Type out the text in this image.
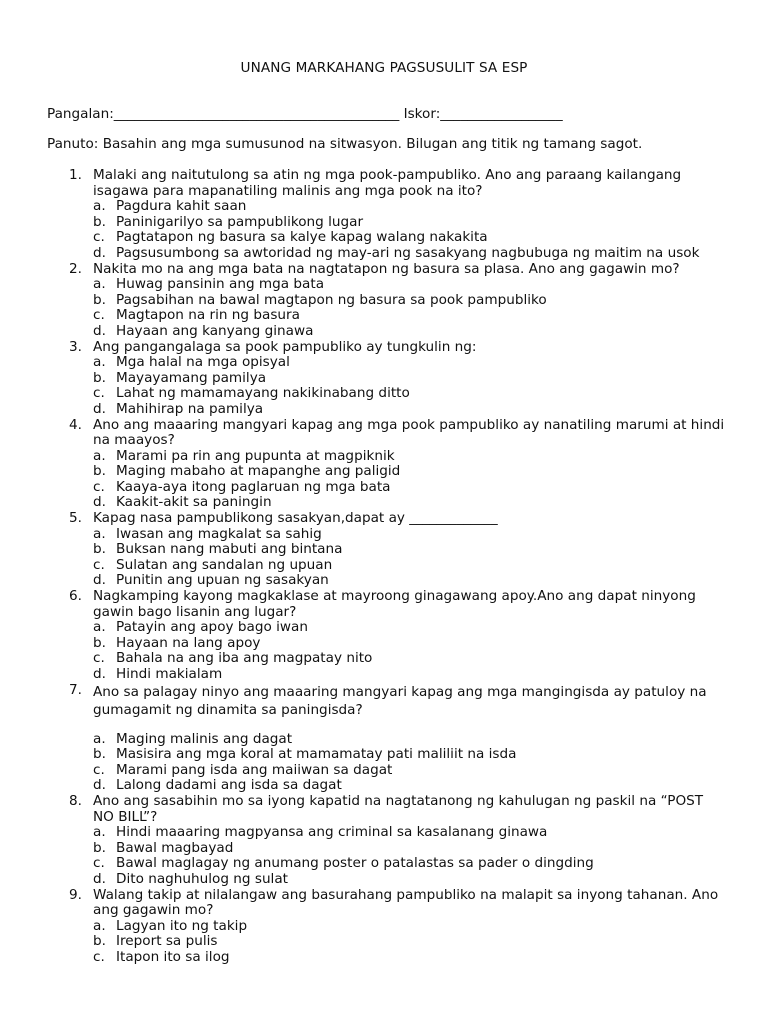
UNANG MARKAHANG PAGSUSULIT SA ESP
Pangalan:__________________________________________ Iskor:__________________
Panuto: Basahin ang mga sumusunod na sitwasyon. Bilugan ang titik ng tamang sagot.
1. Malaki ang naitutulong sa atin ng mga pook-pampubliko. Ano ang paraang kailangang isagawa para mapanatiling malinis ang mga pook na ito?
a. Pagdura kahit saan
b. Paninigarilyo sa pampublikong lugar
c. Pagtatapon ng basura sa kalye kapag walang nakakita
d. Pagsusumbong sa awtoridad ng may-ari ng sasakyang nagbubuga ng maitim na usok
2. Nakita mo na ang mga bata na nagtatapon ng basura sa plasa. Ano ang gagawin mo?
a. Huwag pansinin ang mga bata
b. Pagsabihan na bawal magtapon ng basura sa pook pampubliko
c. Magtapon na rin ng basura
d. Hayaan ang kanyang ginawa
3. Ang pangangalaga sa pook pampubliko ay tungkulin ng:
a. Mga halal na mga opisyal
b. Mayayamang pamilya
c. Lahat ng mamamayang nakikinabang ditto
d. Mahihirap na pamilya
4. Ano ang maaaring mangyari kapag ang mga pook pampubliko ay nanatiling marumi at hindi na maayos?
a. Marami pa rin ang pupunta at magpiknik
b. Maging mabaho at mapanghe ang paligid
c. Kaaya-aya itong paglaruan ng mga bata
d. Kaakit-akit sa paningin
5. Kapag nasa pampublikong sasakyan,dapat ay _____________
a. Iwasan ang magkalat sa sahig
b. Buksan nang mabuti ang bintana
c. Sulatan ang sandalan ng upuan
d. Punitin ang upuan ng sasakyan
6. Nagkamping kayong magkaklase at mayroong ginagawang apoy.Ano ang dapat ninyong gawin bago lisanin ang lugar?
a. Patayin ang apoy bago iwan
b. Hayaan na lang apoy
c. Bahala na ang iba ang magpatay nito
d. Hindi makialam
7. Ano sa palagay ninyo ang maaaring mangyari kapag ang mga mangingisda ay patuloy na gumagamit ng dinamita sa paningisda?
a. Maging malinis ang dagat
b. Masisira ang mga koral at mamamatay pati maliliit na isda
c. Marami pang isda ang maiiwan sa dagat
d. Lalong dadami ang isda sa dagat
8. Ano ang sasabihin mo sa iyong kapatid na nagtatanong ng kahulugan ng paskil na “POST NO BILL”?
a. Hindi maaaring magpyansa ang criminal sa kasalanang ginawa
b. Bawal magbayad
c. Bawal maglagay ng anumang poster o patalastas sa pader o dingding
d. Dito naghuhulog ng sulat
9. Walang takip at nilalangaw ang basurahang pampubliko na malapit sa inyong tahanan. Ano ang gagawin mo?
a. Lagyan ito ng takip
b. Ireport sa pulis
c. Itapon ito sa ilog
